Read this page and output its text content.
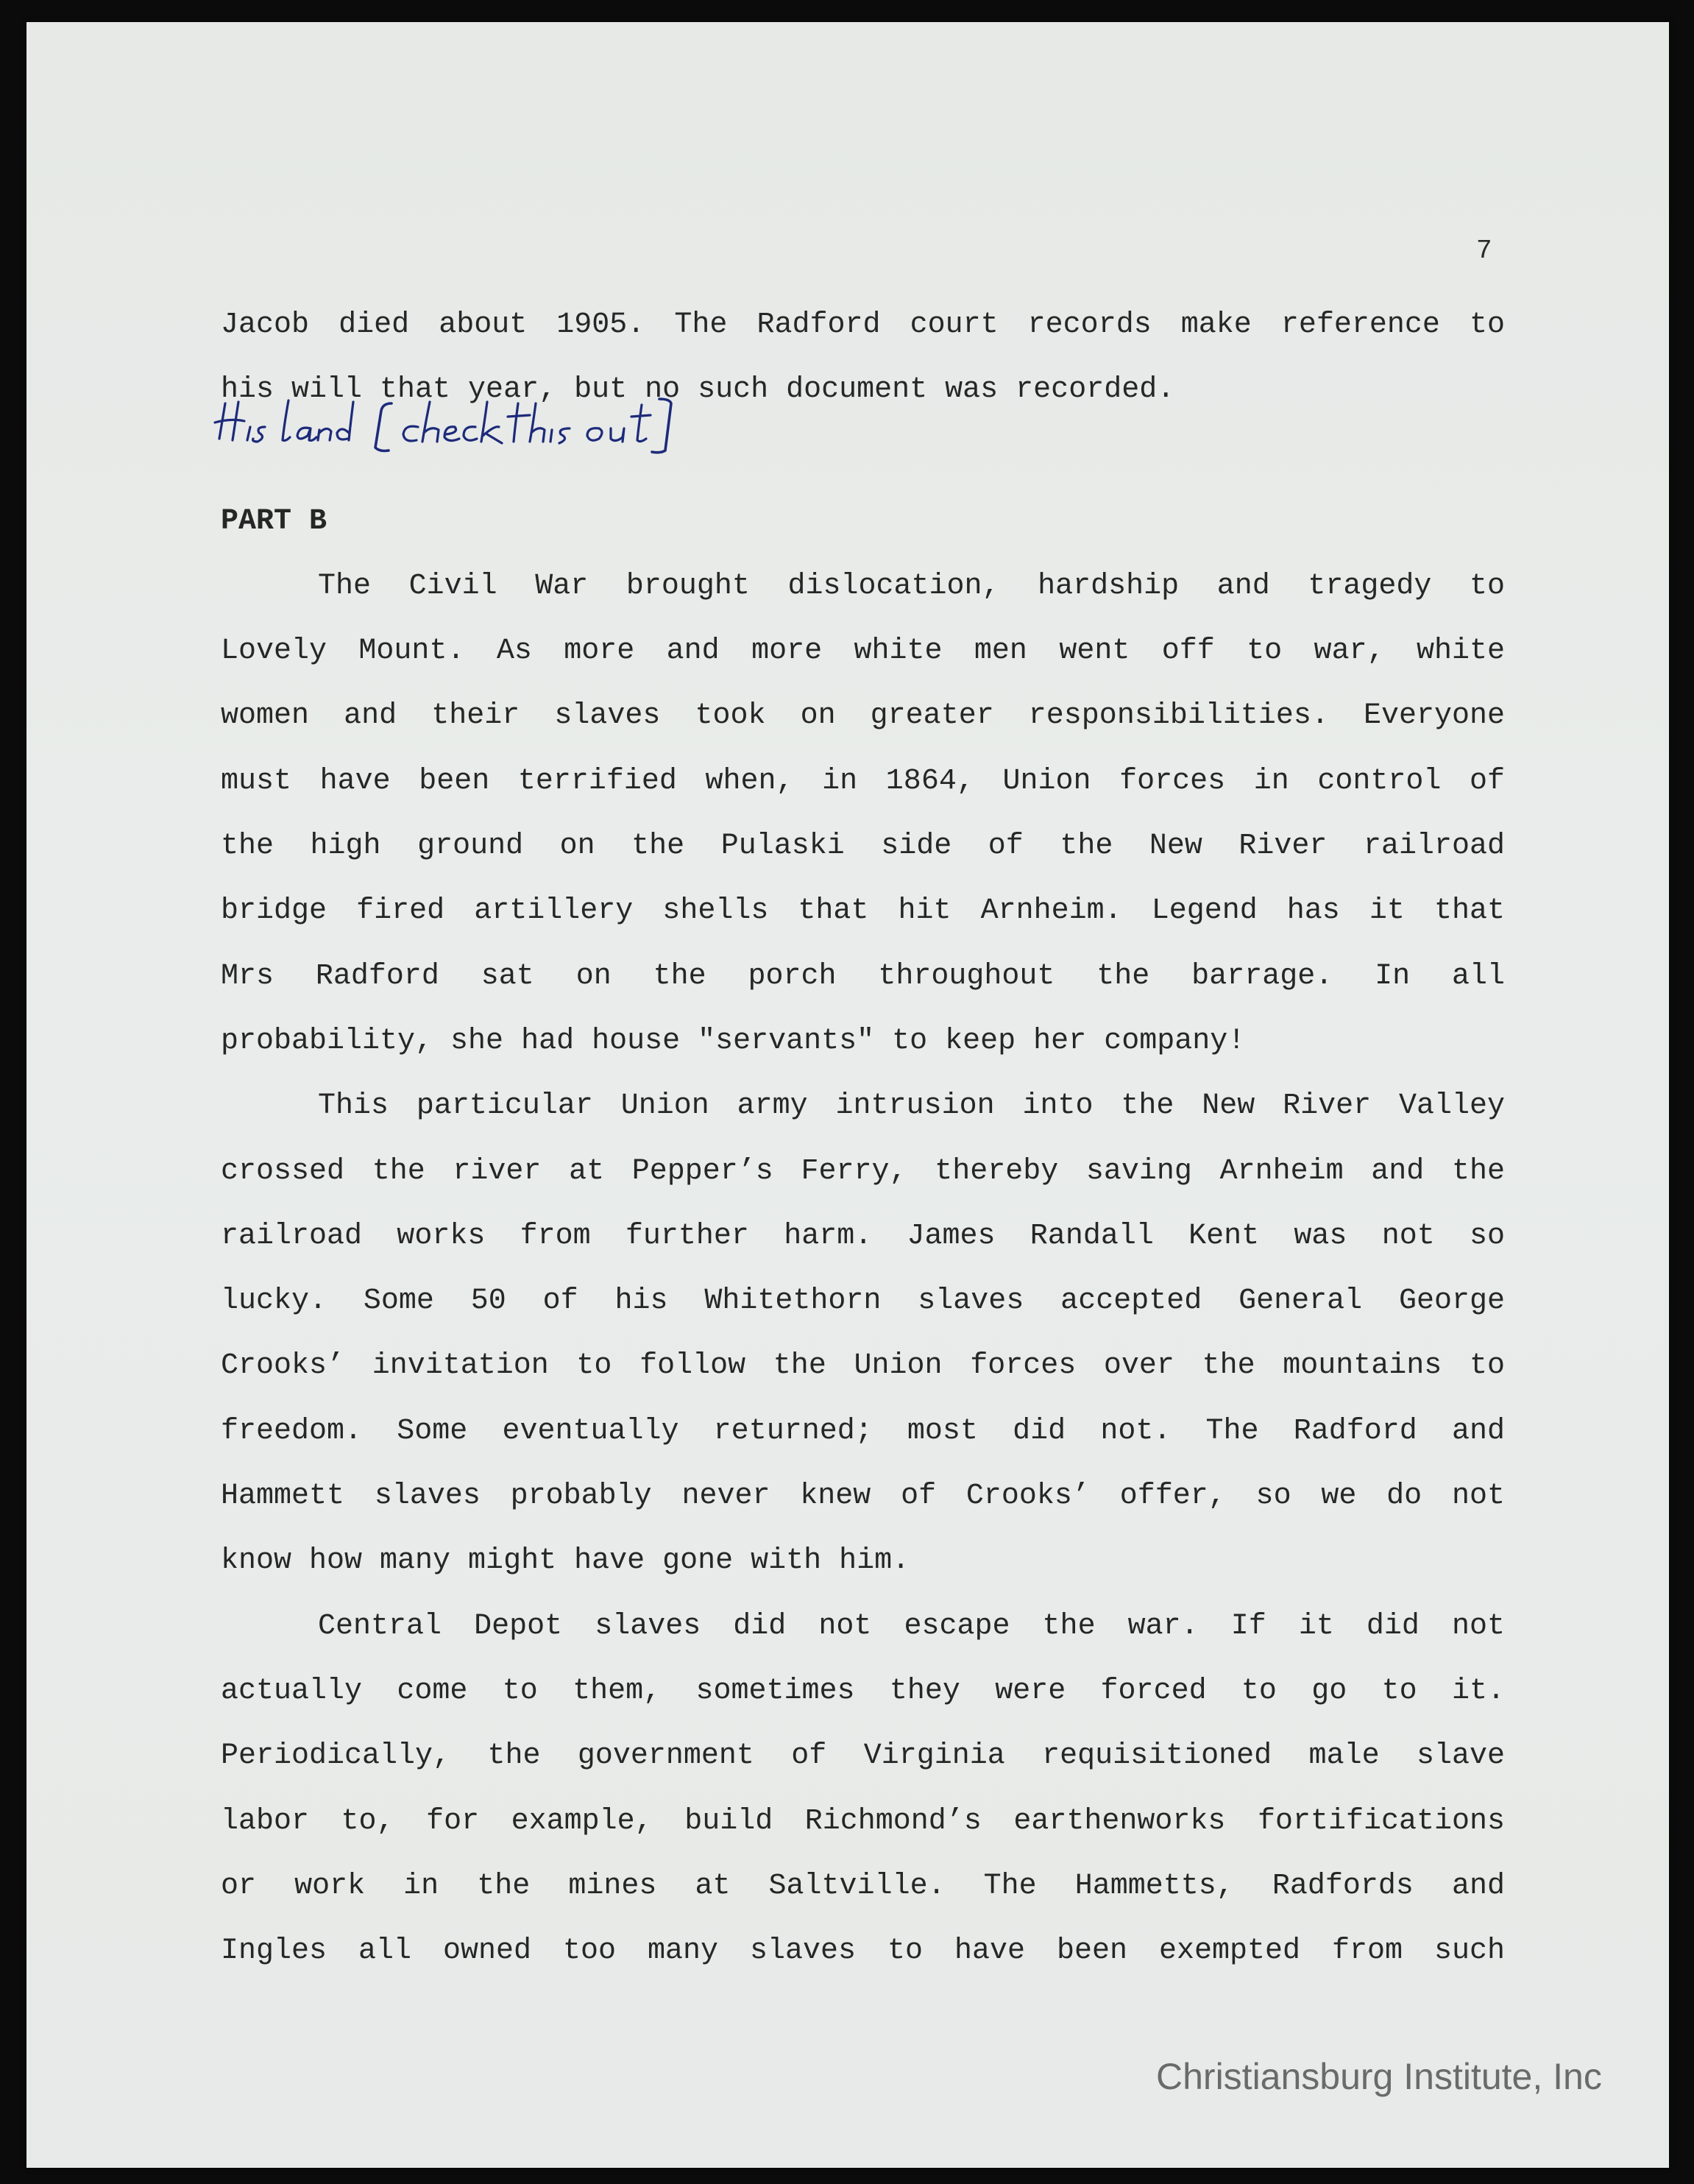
7
Jacob died about 1905. The Radford court records make reference to
his will that year, but no such document was recorded.
PART B
The Civil War brought dislocation, hardship and tragedy to
Lovely Mount. As more and more white men went off to war, white
women and their slaves took on greater responsibilities. Everyone
must have been terrified when, in 1864, Union forces in control of
the high ground on the Pulaski side of the New River railroad
bridge fired artillery shells that hit Arnheim. Legend has it that
Mrs Radford sat on the porch throughout the barrage. In all
probability, she had house "servants" to keep her company!
This particular Union army intrusion into the New River Valley
crossed the river at Pepper’s Ferry, thereby saving Arnheim and the
railroad works from further harm. James Randall Kent was not so
lucky. Some 50 of his Whitethorn slaves accepted General George
Crooks’ invitation to follow the Union forces over the mountains to
freedom. Some eventually returned; most did not. The Radford and
Hammett slaves probably never knew of Crooks’ offer, so we do not
know how many might have gone with him.
Central Depot slaves did not escape the war. If it did not
actually come to them, sometimes they were forced to go to it.
Periodically, the government of Virginia requisitioned male slave
labor to, for example, build Richmond’s earthenworks fortifications
or work in the mines at Saltville. The Hammetts, Radfords and
Ingles all owned too many slaves to have been exempted from such
Christiansburg Institute, Inc
